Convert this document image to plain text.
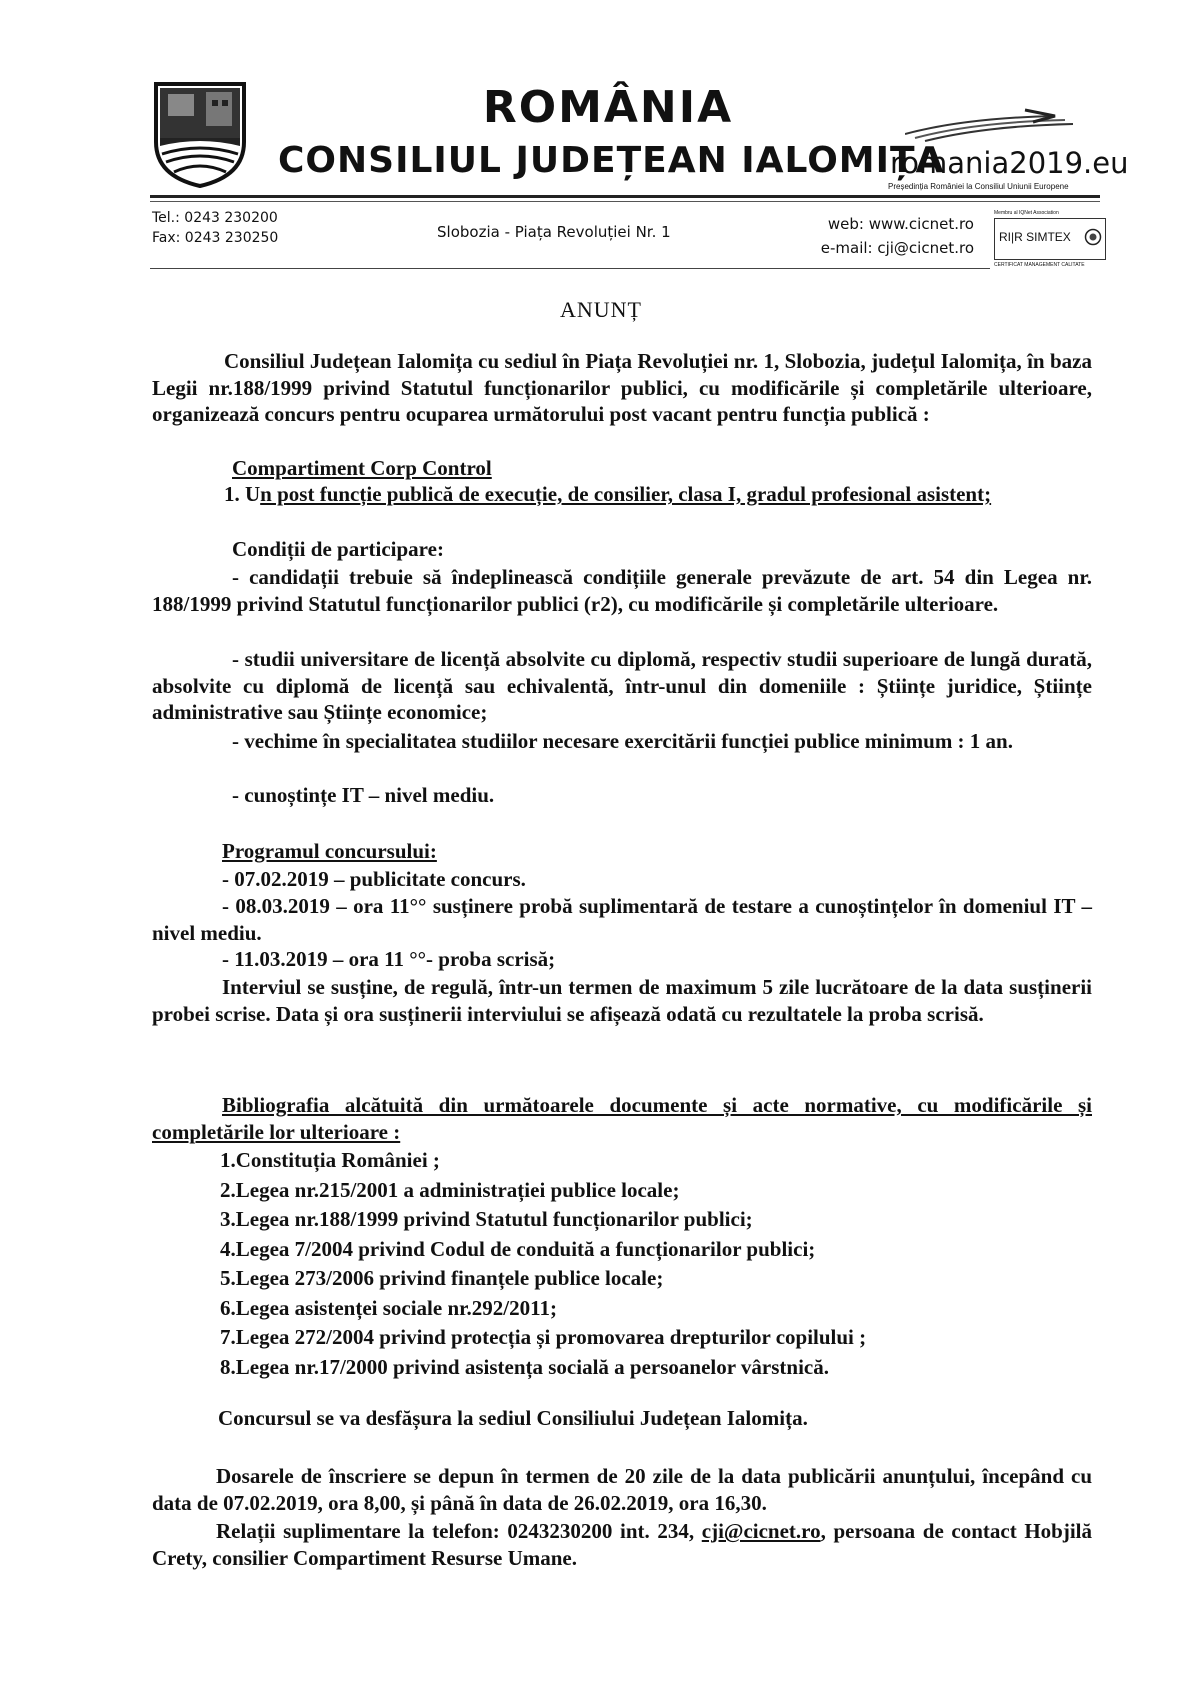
ROMÂNIA
CONSILIUL JUDEȚEAN IALOMIȚA
romania2019.eu
Președinția României la Consiliul Uniunii Europene
Tel.: 0243 230200
Fax: 0243 230250	Slobozia - Piața Revoluției Nr. 1	web: www.cicnet.ro
e-mail: cji@cicnet.ro
Membru al IQNet Association
RI|R SIMTEX
CERTIFICAT MANAGEMENT CALITATE
ANUNȚ
Consiliul Județean Ialomița cu sediul în Piața Revoluției nr. 1, Slobozia, județul Ialomița, în baza Legii nr.188/1999 privind Statutul funcționarilor publici, cu modificările și completările ulterioare, organizează concurs pentru ocuparea următorului post vacant pentru funcția publică :
Compartiment Corp Control
1. Un post funcție publică de execuție, de consilier, clasa I, gradul profesional asistent;
Condiții de participare:
- candidații trebuie să îndeplinească condițiile generale prevăzute de art. 54 din Legea nr. 188/1999 privind Statutul funcționarilor publici (r2), cu modificările și completările ulterioare.
- studii universitare de licență absolvite cu diplomă, respectiv studii superioare de lungă durată, absolvite cu diplomă de licență sau echivalentă, într-unul din domeniile : Științe juridice, Științe administrative sau Științe economice;
- vechime în specialitatea studiilor necesare exercitării funcției publice minimum : 1 an.
- cunoștințe IT – nivel mediu.
Programul concursului:
- 07.02.2019 – publicitate concurs.
- 08.03.2019 – ora 11°° susținere probă suplimentară de testare a cunoștințelor în domeniul IT – nivel mediu.
- 11.03.2019 – ora 11 °°- proba scrisă;
Interviul se susține, de regulă, într-un termen de maximum 5 zile lucrătoare de la data susținerii probei scrise. Data și ora susținerii interviului se afișează odată cu rezultatele la proba scrisă.
Bibliografia alcătuită din următoarele documente și acte normative, cu modificările și completările lor ulterioare :
1.Constituția României ;
2.Legea nr.215/2001 a administrației publice locale;
3.Legea nr.188/1999 privind Statutul funcționarilor publici;
4.Legea 7/2004 privind Codul de conduită a funcționarilor publici;
5.Legea 273/2006 privind finanțele publice locale;
6.Legea asistenței sociale nr.292/2011;
7.Legea 272/2004 privind protecția și promovarea drepturilor copilului ;
8.Legea nr.17/2000 privind asistența socială a persoanelor vârstnică.
Concursul se va desfășura la sediul Consiliului Județean Ialomița.
Dosarele de înscriere se depun în termen de 20 zile de la data publicării anunțului, începând cu data de 07.02.2019, ora 8,00, și până în data de 26.02.2019, ora 16,30.
Relații suplimentare la telefon: 0243230200 int. 234, cji@cicnet.ro, persoana de contact Hobjilă Crety, consilier Compartiment Resurse Umane.
